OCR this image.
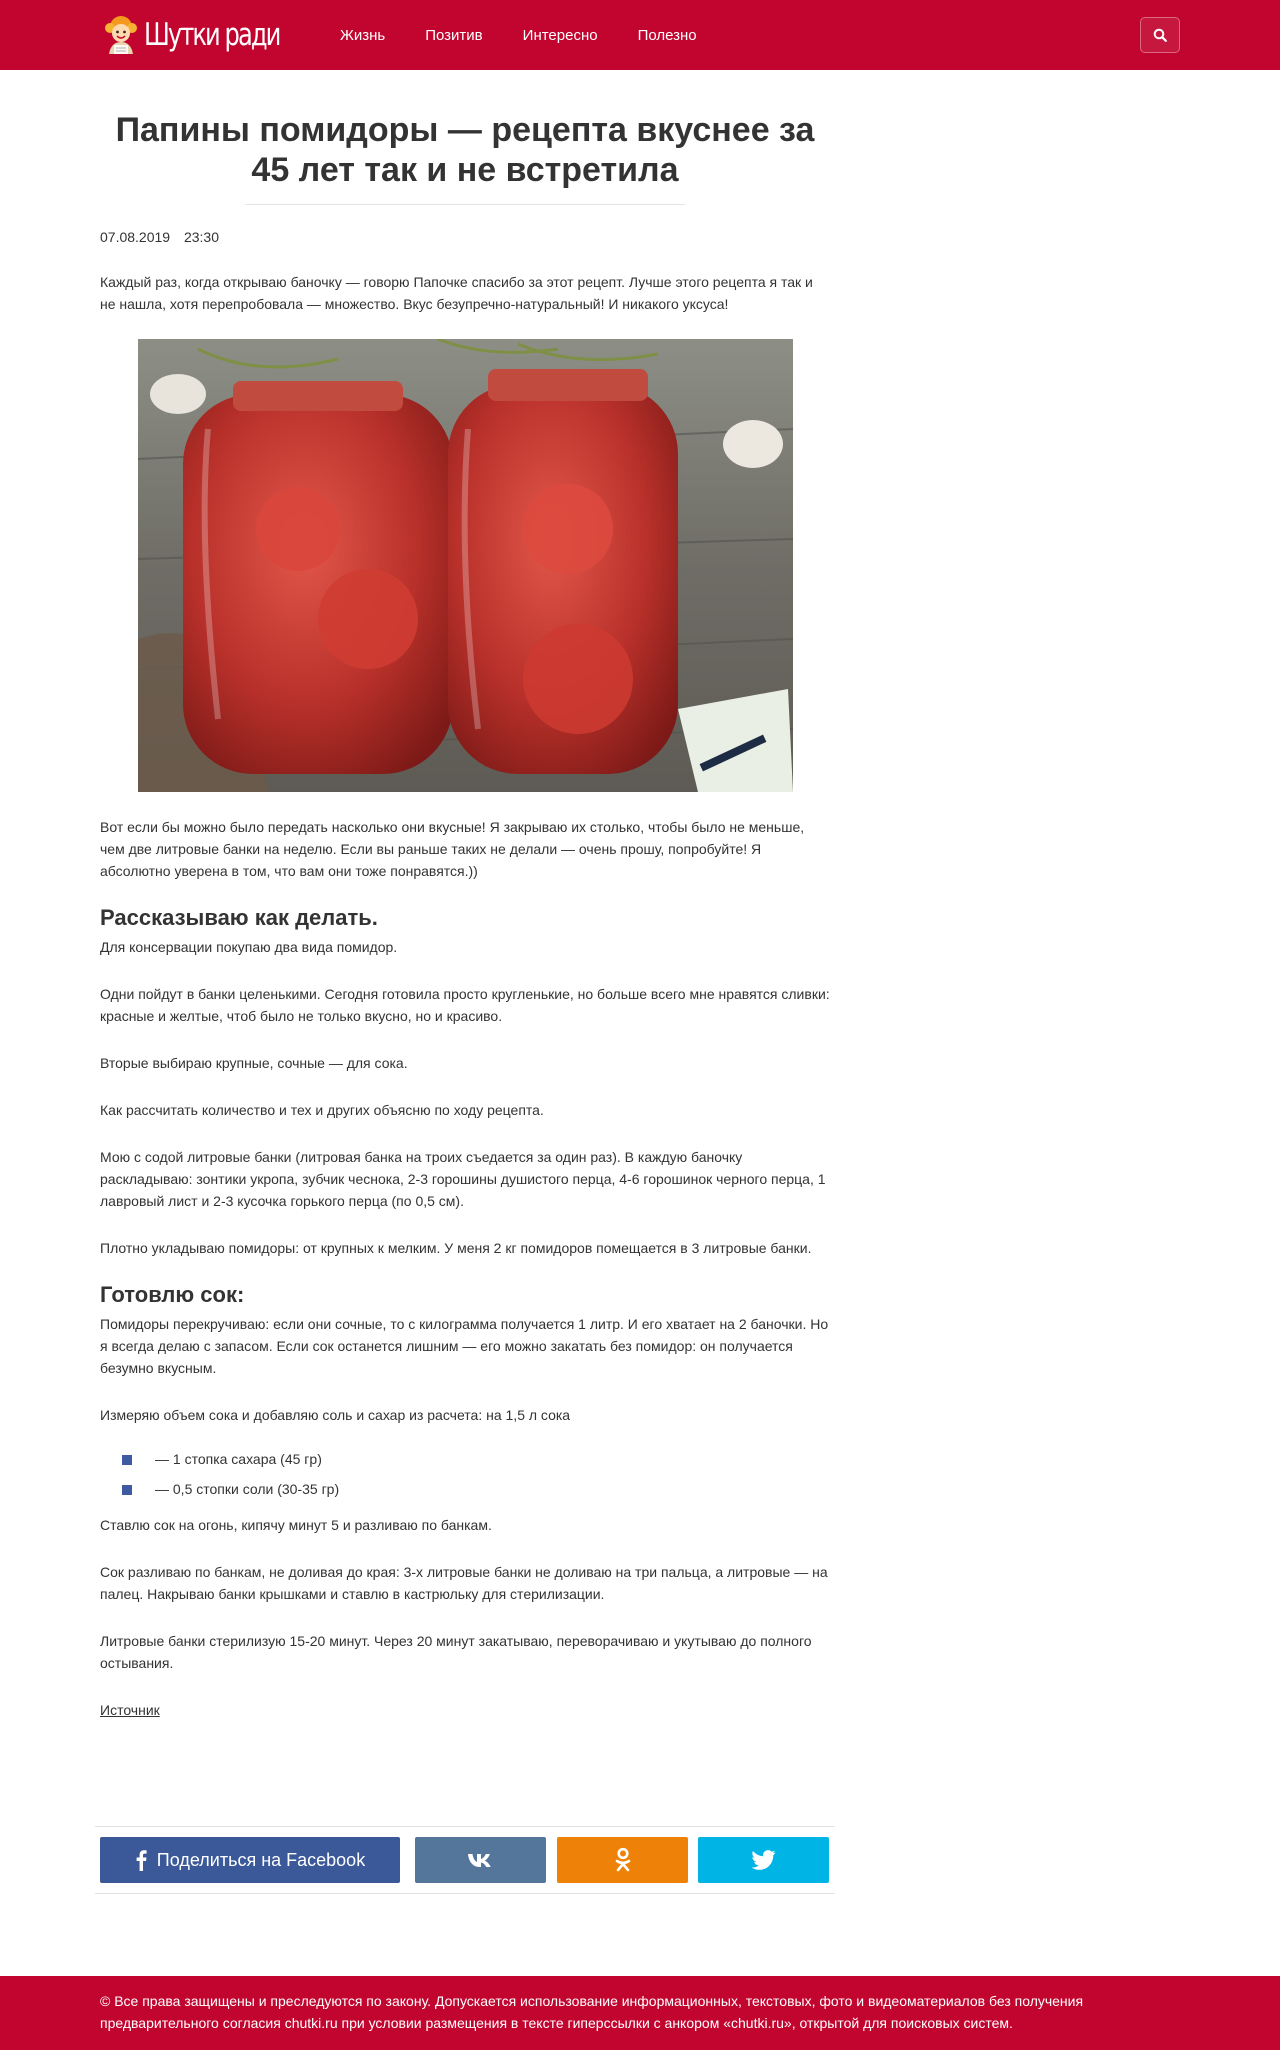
Шутки ради	Жизнь	Позитив	Интересно	Полезно
Папины помидоры — рецепта вкуснее за 45 лет так и не встретила
07.08.2019 23:30

Каждый раз, когда открываю баночку — говорю Папочке спасибо за этот рецепт. Лучше этого рецепта я так и не нашла, хотя перепробовала — множество. Вкус безупречно-натуральный! И никакого уксуса!

Вот если бы можно было передать насколько они вкусные! Я закрываю их столько, чтобы было не меньше, чем две литровые банки на неделю. Если вы раньше таких не делали — очень прошу, попробуйте! Я абсолютно уверена в том, что вам они тоже понравятся.))

Рассказываю как делать.

Для консервации покупаю два вида помидор.

Одни пойдут в банки целенькими. Сегодня готовила просто кругленькие, но больше всего мне нравятся сливки: красные и желтые, чтоб было не только вкусно, но и красиво.

Вторые выбираю крупные, сочные — для сока.

Как рассчитать количество и тех и других объясню по ходу рецепта.

Мою с содой литровые банки (литровая банка на троих съедается за один раз). В каждую баночку раскладываю: зонтики укропа, зубчик чеснока, 2-3 горошины душистого перца, 4-6 горошинок черного перца, 1 лавровый лист и 2-3 кусочка горького перца (по 0,5 см).

Плотно укладываю помидоры: от крупных к мелким. У меня 2 кг помидоров помещается в 3 литровые банки.

Готовлю сок:

Помидоры перекручиваю: если они сочные, то с килограмма получается 1 литр. И его хватает на 2 баночки. Но я всегда делаю с запасом. Если сок останется лишним — его можно закатать без помидор: он получается безумно вкусным.

Измеряю объем сока и добавляю соль и сахар из расчета: на 1,5 л сока

— 1 стопка сахара (45 гр)
— 0,5 стопки соли (30-35 гр)

Ставлю сок на огонь, кипячу минут 5 и разливаю по банкам.

Сок разливаю по банкам, не доливая до края: 3-х литровые банки не доливаю на три пальца, а литровые — на палец. Накрываю банки крышками и ставлю в кастрюльку для стерилизации.

Литровые банки стерилизую 15-20 минут. Через 20 минут закатываю, переворачиваю и укутываю до полного остывания.

Источник

Поделиться на Facebook

© Все права защищены и преследуются по закону. Допускается использование информационных, текстовых, фото и видеоматериалов без получения предварительного согласия chutki.ru при условии размещения в тексте гиперссылки с анкором «chutki.ru», открытой для поисковых систем.
